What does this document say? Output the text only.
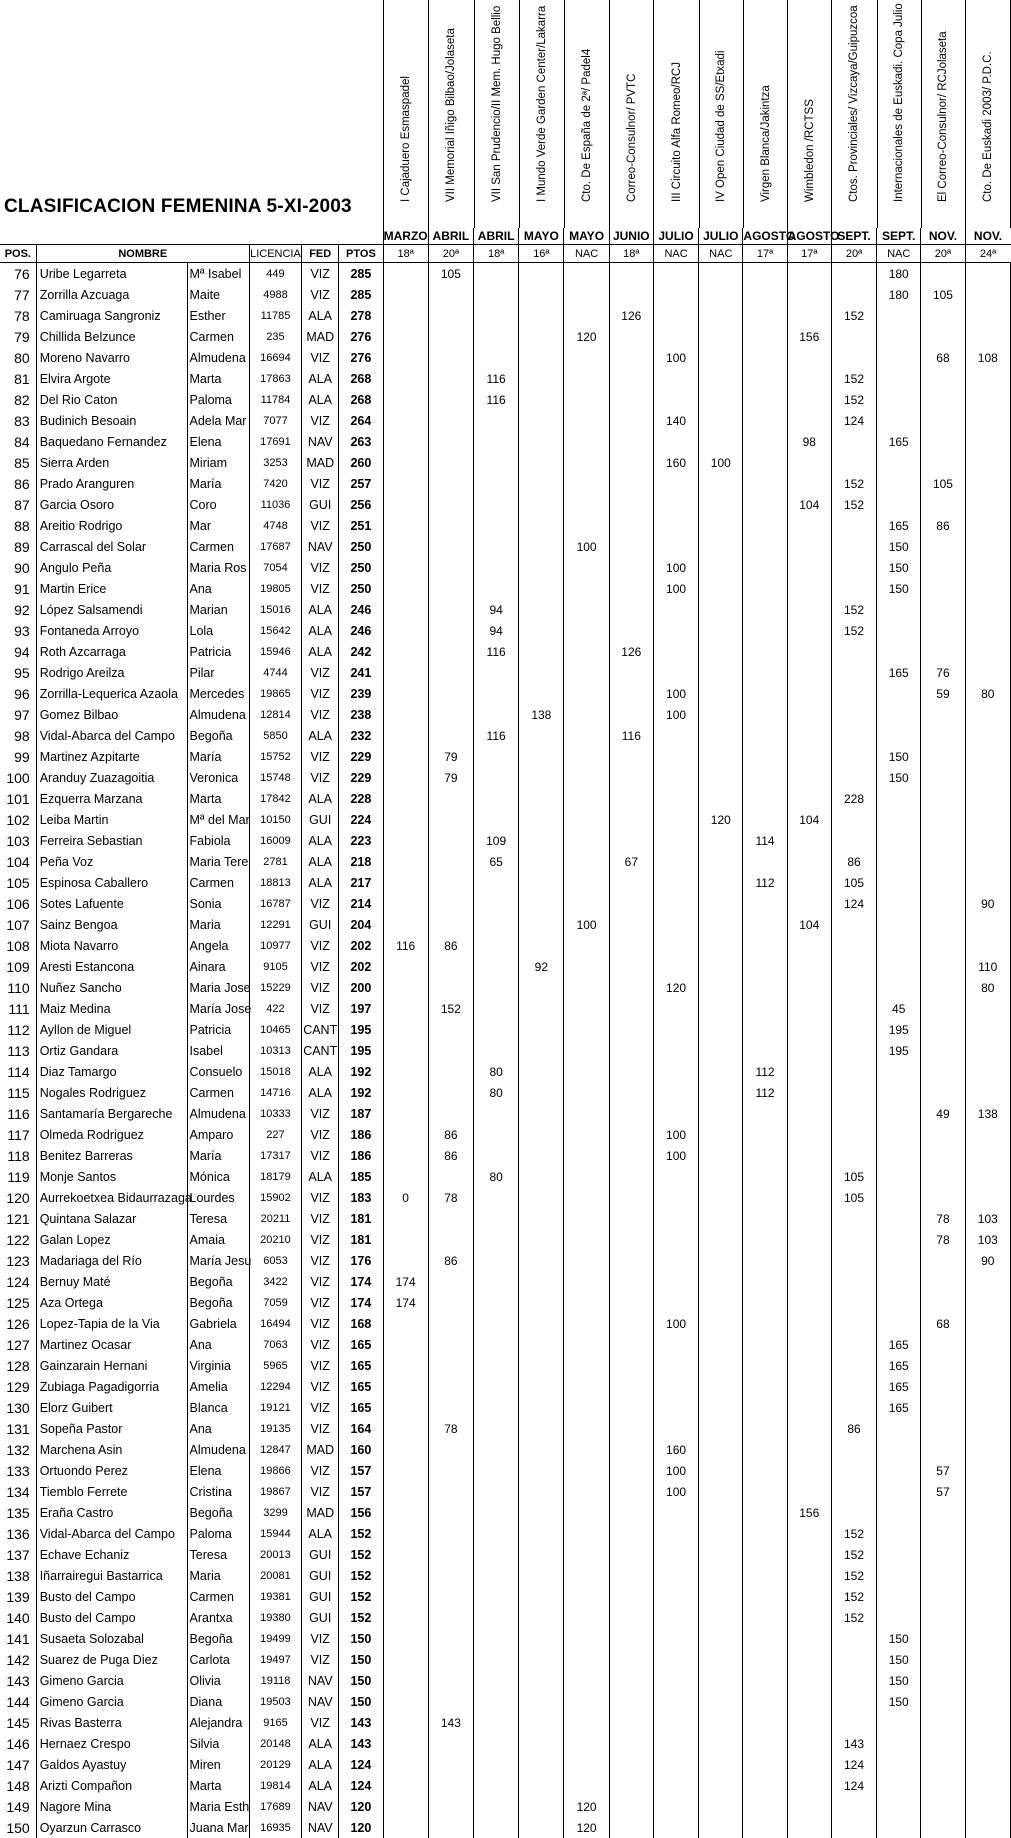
CLASIFICACION FEMENINA 5-XI-2003

						I Cajaduero Esmaspadel	VII Memorial Iñigo Bilbao/Jolaseta	VII San Prudencio/II Mem. Hugo Bellio	I Mundo Verde Garden Center/Lakarra	Cto. De España de 2ª/ Padel4	Correo-Consulnor/ PVTC	III Circuito Alfa Romeo/RCJ	IV Open Ciudad de SS/Etxadi	Virgen Blanca/Jakintza	Wimbledon /RCTSS	Ctos. Provinciales/ Vizcaya/Guipuzcoa	Internacionales de Euskadi. Copa Julio	El Correo-Consulnor/ RCJolaseta	Cto. De Euskadi 2003/ P.D.C.

						MARZO	ABRIL	ABRIL	MAYO	MAYO	JUNIO	JULIO	JULIO	AGOSTO	AGOSTO	SEPT.	SEPT.	NOV.	NOV.
POS.	NOMBRE		LICENCIA	FED	PTOS	18ª	20ª	18ª	16ª	NAC	18ª	NAC	NAC	17ª	17ª	20ª	NAC	20ª	24ª
76	Uribe Legarreta	Mª Isabel	449	VIZ	285		105										180		
77	Zorrilla Azcuaga	Maite	4988	VIZ	285												180	105	
78	Camiruaga Sangroniz	Esther	11785	ALA	278						126					152			
79	Chillida Belzunce	Carmen	235	MAD	276					120					156				
80	Moreno Navarro	Almudena	16694	VIZ	276							100						68	108
81	Elvira Argote	Marta	17863	ALA	268			116								152			
82	Del Rio Caton	Paloma	11784	ALA	268			116								152			
83	Budinich Besoain	Adela Mar	7077	VIZ	264							140				124			
84	Baquedano Fernandez	Elena	17691	NAV	263										98		165		
85	Sierra Arden	Miriam	3253	MAD	260							160	100						
86	Prado Aranguren	María	7420	VIZ	257											152		105	
87	Garcia Osoro	Coro	11036	GUI	256										104	152			
88	Areitio Rodrigo	Mar	4748	VIZ	251												165	86	
89	Carrascal del Solar	Carmen	17687	NAV	250					100							150		
90	Angulo Peña	Maria Ros	7054	VIZ	250							100					150		
91	Martin Erice	Ana	19805	VIZ	250							100					150		
92	López Salsamendi	Marian	15016	ALA	246			94								152			
93	Fontaneda Arroyo	Lola	15642	ALA	246			94								152			
94	Roth Azcarraga	Patricia	15946	ALA	242			116			126								
95	Rodrigo Areilza	Pilar	4744	VIZ	241												165	76	
96	Zorrilla-Lequerica Azaola	Mercedes	19865	VIZ	239							100						59	80
97	Gomez Bilbao	Almudena	12814	VIZ	238				138			100							
98	Vidal-Abarca del Campo	Begoña	5850	ALA	232			116			116								
99	Martinez Azpitarte	María	15752	VIZ	229		79										150		
100	Aranduy Zuazagoitia	Veronica	15748	VIZ	229		79										150		
101	Ezquerra Marzana	Marta	17842	ALA	228											228			
102	Leiba Martin	Mª del Mar	10150	GUI	224								120		104				
103	Ferreira Sebastian	Fabiola	16009	ALA	223			109						114					
104	Peña Voz	Maria Tere	2781	ALA	218			65			67					86			
105	Espinosa Caballero	Carmen	18813	ALA	217									112		105			
106	Sotes Lafuente	Sonia	16787	VIZ	214											124			90
107	Sainz Bengoa	Maria	12291	GUI	204					100					104				
108	Miota Navarro	Angela	10977	VIZ	202	116	86												
109	Aresti Estancona	Ainara	9105	VIZ	202				92										110
110	Nuñez Sancho	Maria Jose	15229	VIZ	200							120							80
111	Maiz Medina	María Jose	422	VIZ	197		152										45		
112	Ayllon de Miguel	Patricia	10465	CANT	195												195		
113	Ortiz Gandara	Isabel	10313	CANT	195												195		
114	Diaz Tamargo	Consuelo	15018	ALA	192			80						112					
115	Nogales Rodriguez	Carmen	14716	ALA	192			80						112					
116	Santamaría Bergareche	Almudena	10333	VIZ	187													49	138
117	Olmeda Rodriguez	Amparo	227	VIZ	186		86					100							
118	Benitez Barreras	María	17317	VIZ	186		86					100							
119	Monje Santos	Mónica	18179	ALA	185			80								105			
120	Aurrekoetxea Bidaurrazaga	Lourdes	15902	VIZ	183	0	78									105			
121	Quintana Salazar	Teresa	20211	VIZ	181													78	103
122	Galan Lopez	Amaia	20210	VIZ	181													78	103
123	Madariaga del Río	María Jesu	6053	VIZ	176		86												90
124	Bernuy Maté	Begoña	3422	VIZ	174	174													
125	Aza Ortega	Begoña	7059	VIZ	174	174													
126	Lopez-Tapia de la Via	Gabriela	16494	VIZ	168							100						68	
127	Martinez Ocasar	Ana	7063	VIZ	165												165		
128	Gainzarain Hernani	Virginia	5965	VIZ	165												165		
129	Zubiaga Pagadigorria	Amelia	12294	VIZ	165												165		
130	Elorz Guibert	Blanca	19121	VIZ	165												165		
131	Sopeña Pastor	Ana	19135	VIZ	164		78									86			
132	Marchena Asin	Almudena	12847	MAD	160							160							
133	Ortuondo Perez	Elena	19866	VIZ	157							100						57	
134	Tiemblo Ferrete	Cristina	19867	VIZ	157							100						57	
135	Eraña Castro	Begoña	3299	MAD	156										156				
136	Vidal-Abarca del Campo	Paloma	15944	ALA	152											152			
137	Echave Echaniz	Teresa	20013	GUI	152											152			
138	Iñarrairegui Bastarrica	Maria	20081	GUI	152											152			
139	Busto del Campo	Carmen	19381	GUI	152											152			
140	Busto del Campo	Arantxa	19380	GUI	152											152			
141	Susaeta Solozabal	Begoña	19499	VIZ	150												150		
142	Suarez de Puga Diez	Carlota	19497	VIZ	150												150		
143	Gimeno Garcia	Olivia	19118	NAV	150												150		
144	Gimeno Garcia	Diana	19503	NAV	150												150		
145	Rivas Basterra	Alejandra	9165	VIZ	143		143												
146	Hernaez Crespo	Silvia	20148	ALA	143											143			
147	Galdos Ayastuy	Miren	20129	ALA	124											124			
148	Arizti Compañon	Marta	19814	ALA	124											124			
149	Nagore Mina	Maria Esth	17689	NAV	120					120									
150	Oyarzun Carrasco	Juana Mar	16935	NAV	120					120									
